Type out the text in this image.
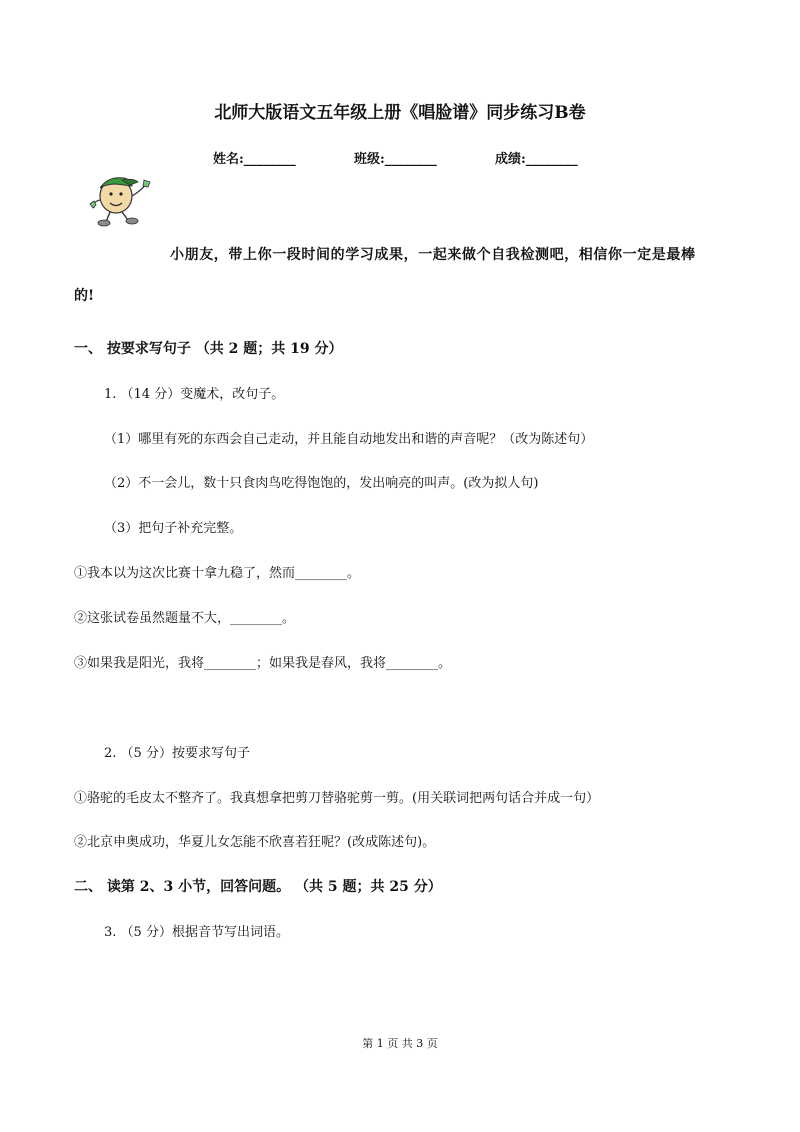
北师大版语文五年级上册《唱脸谱》同步练习B卷
姓名:________	班级:________	成绩:________
小朋友，带上你一段时间的学习成果，一起来做个自我检测吧，相信你一定是最棒
的!
一、 按要求写句子 （共 2 题；共 19 分）
1. （14 分）变魔术，改句子。
（1）哪里有死的东西会自己走动，并且能自动地发出和谐的声音呢？（改为陈述句）
（2）不一会儿，数十只食肉鸟吃得饱饱的，发出响亮的叫声。(改为拟人句)
（3）把句子补充完整。
①我本以为这次比赛十拿九稳了，然而________。
②这张试卷虽然题量不大，________。
③如果我是阳光，我将________；如果我是春风，我将________。
2. （5 分）按要求写句子
①骆驼的毛皮太不整齐了。我真想拿把剪刀替骆驼剪一剪。(用关联词把两句话合并成一句）
②北京申奥成功，华夏儿女怎能不欣喜若狂呢？(改成陈述句)。
二、 读第 2、3 小节，回答问题。 （共 5 题；共 25 分）
3. （5 分）根据音节写出词语。
第 1 页 共 3 页
